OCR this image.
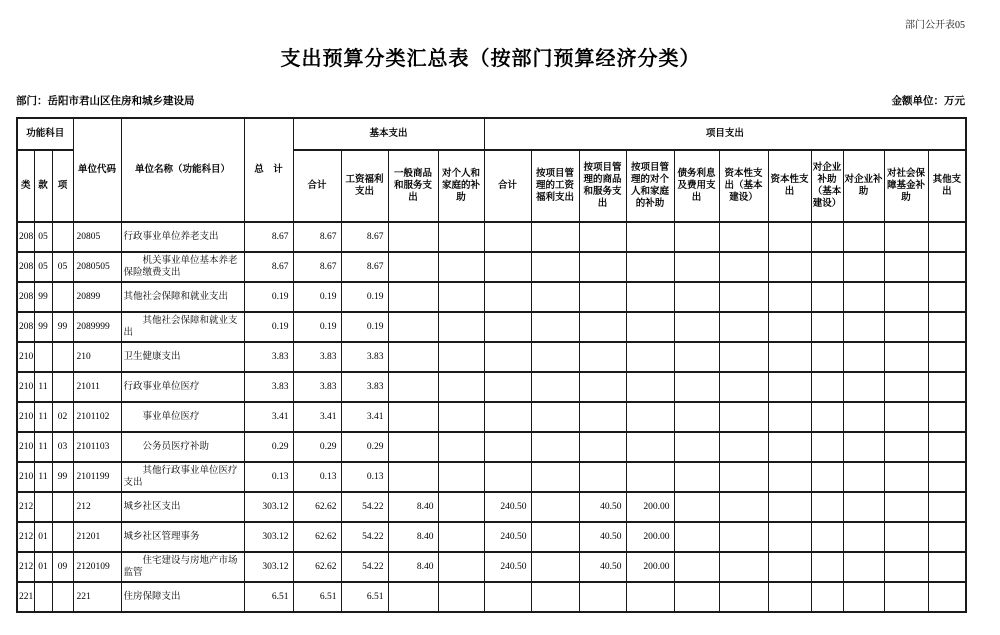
部门公开表05
支出预算分类汇总表（按部门预算经济分类）
部门：岳阳市君山区住房和城乡建设局	金额单位：万元
功能科目			单位代码	单位名称（功能科目）	总　计	基本支出				项目支出										
类	款	项				合计	工资福利支出	一般商品和服务支出	对个人和家庭的补助	合计	按项目管理的工资福利支出	按项目管理的商品和服务支出	按项目管理的对个人和家庭的补助	债务利息及费用支出	资本性支出（基本建设）	资本性支出	对企业补助（基本建设）	对企业补助	对社会保障基金补助	其他支出
208	05		20805	行政事业单位养老支出	8.67	8.67	8.67													
208	05	05	2080505	机关事业单位基本养老保险缴费支出	8.67	8.67	8.67													
208	99		20899	其他社会保障和就业支出	0.19	0.19	0.19													
208	99	99	2089999	其他社会保障和就业支出	0.19	0.19	0.19													
210			210	卫生健康支出	3.83	3.83	3.83													
210	11		21011	行政事业单位医疗	3.83	3.83	3.83													
210	11	02	2101102	事业单位医疗	3.41	3.41	3.41													
210	11	03	2101103	公务员医疗补助	0.29	0.29	0.29													
210	11	99	2101199	其他行政事业单位医疗支出	0.13	0.13	0.13													
212			212	城乡社区支出	303.12	62.62	54.22	8.40		240.50		40.50	200.00							
212	01		21201	城乡社区管理事务	303.12	62.62	54.22	8.40		240.50		40.50	200.00							
212	01	09	2120109	住宅建设与房地产市场监管	303.12	62.62	54.22	8.40		240.50		40.50	200.00							
221			221	住房保障支出	6.51	6.51	6.51													
